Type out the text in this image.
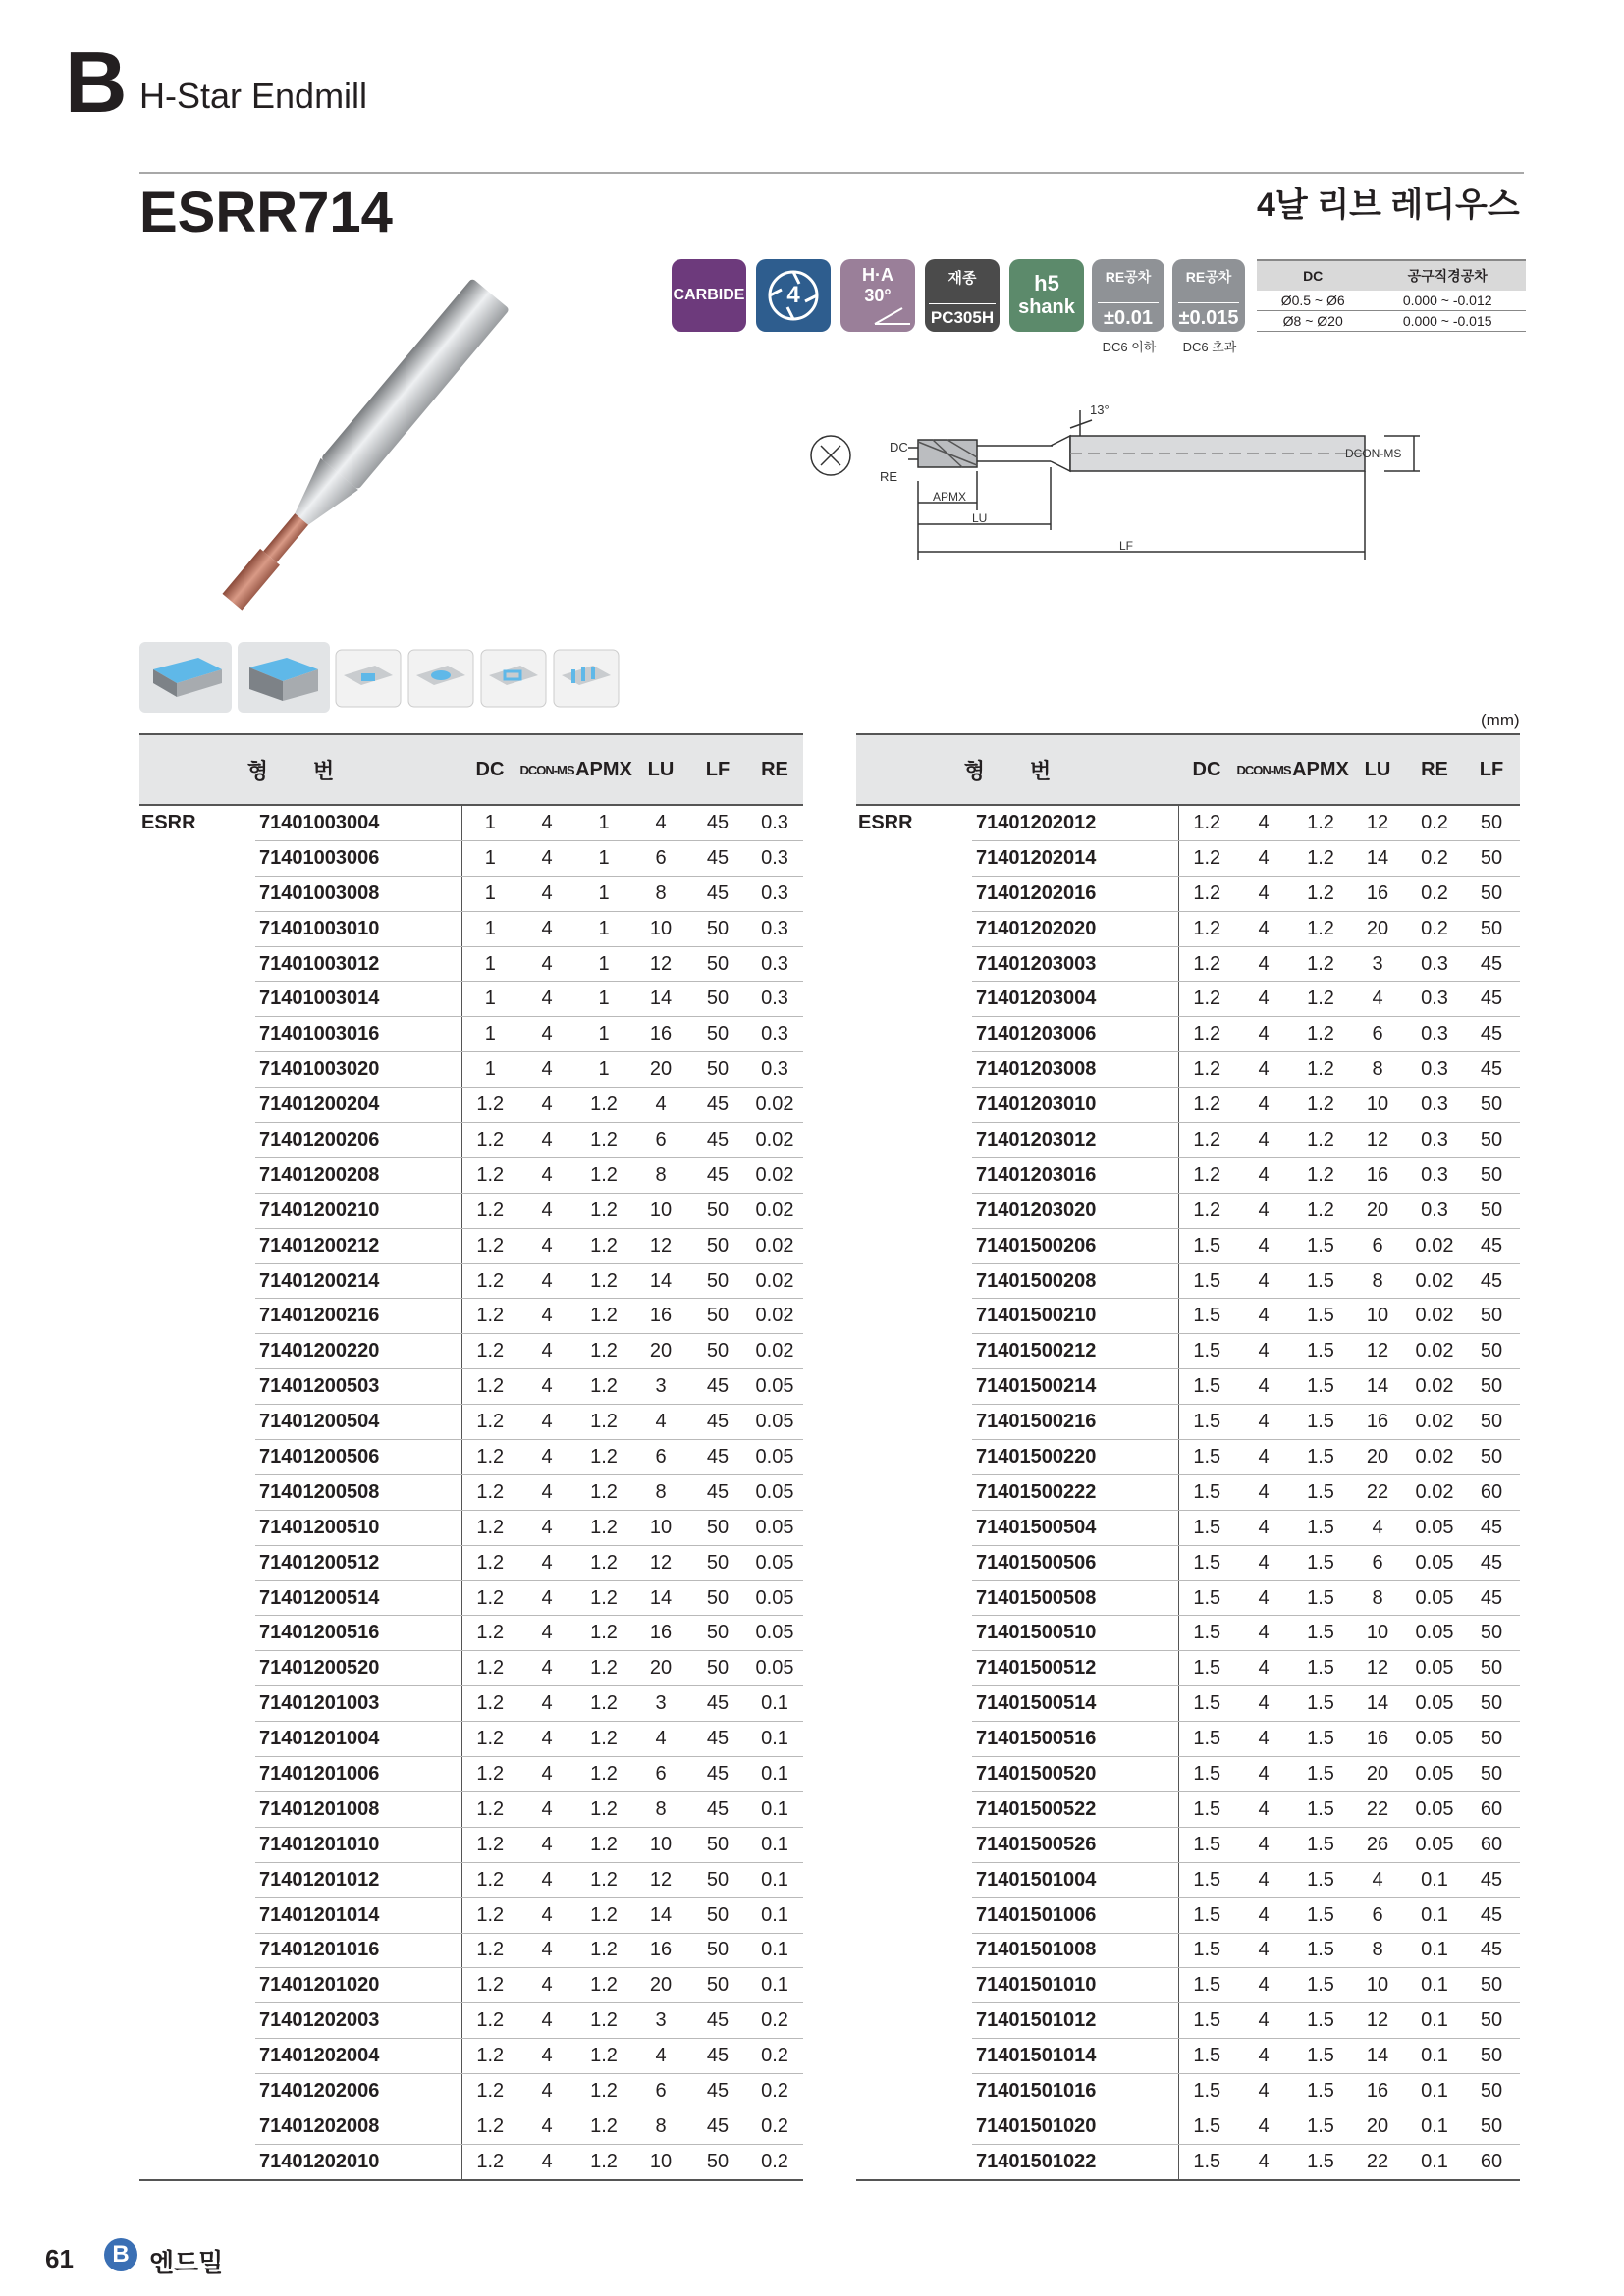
B H-Star Endmill
ESRR714	4날 리브 레디우스
CARBIDE	4
H·A
30°
재종
PC305H
h5
shank
RE공차
±0.01
RE공차
±0.015
DC6 이하	DC6 초과
DC	공구직경공차
Ø0.5 ~ Ø6	0.000 ~ -0.012
Ø8 ~ Ø20	0.000 ~ -0.015
DC
RE
APMX
LU
LF
DCON-MS
13°
(mm)
형 번		DC	DCON-MS	APMX	LU	LF	RE
ESRR	71401003004	1	4	1	4	45	0.3
	71401003006	1	4	1	6	45	0.3
	71401003008	1	4	1	8	45	0.3
	71401003010	1	4	1	10	50	0.3
	71401003012	1	4	1	12	50	0.3
	71401003014	1	4	1	14	50	0.3
	71401003016	1	4	1	16	50	0.3
	71401003020	1	4	1	20	50	0.3
	71401200204	1.2	4	1.2	4	45	0.02
	71401200206	1.2	4	1.2	6	45	0.02
	71401200208	1.2	4	1.2	8	45	0.02
	71401200210	1.2	4	1.2	10	50	0.02
	71401200212	1.2	4	1.2	12	50	0.02
	71401200214	1.2	4	1.2	14	50	0.02
	71401200216	1.2	4	1.2	16	50	0.02
	71401200220	1.2	4	1.2	20	50	0.02
	71401200503	1.2	4	1.2	3	45	0.05
	71401200504	1.2	4	1.2	4	45	0.05
	71401200506	1.2	4	1.2	6	45	0.05
	71401200508	1.2	4	1.2	8	45	0.05
	71401200510	1.2	4	1.2	10	50	0.05
	71401200512	1.2	4	1.2	12	50	0.05
	71401200514	1.2	4	1.2	14	50	0.05
	71401200516	1.2	4	1.2	16	50	0.05
	71401200520	1.2	4	1.2	20	50	0.05
	71401201003	1.2	4	1.2	3	45	0.1
	71401201004	1.2	4	1.2	4	45	0.1
	71401201006	1.2	4	1.2	6	45	0.1
	71401201008	1.2	4	1.2	8	45	0.1
	71401201010	1.2	4	1.2	10	50	0.1
	71401201012	1.2	4	1.2	12	50	0.1
	71401201014	1.2	4	1.2	14	50	0.1
	71401201016	1.2	4	1.2	16	50	0.1
	71401201020	1.2	4	1.2	20	50	0.1
	71401202003	1.2	4	1.2	3	45	0.2
	71401202004	1.2	4	1.2	4	45	0.2
	71401202006	1.2	4	1.2	6	45	0.2
	71401202008	1.2	4	1.2	8	45	0.2
	71401202010	1.2	4	1.2	10	50	0.2
형 번		DC	DCON-MS	APMX	LU	RE	LF
ESRR	71401202012	1.2	4	1.2	12	0.2	50
	71401202014	1.2	4	1.2	14	0.2	50
	71401202016	1.2	4	1.2	16	0.2	50
	71401202020	1.2	4	1.2	20	0.2	50
	71401203003	1.2	4	1.2	3	0.3	45
	71401203004	1.2	4	1.2	4	0.3	45
	71401203006	1.2	4	1.2	6	0.3	45
	71401203008	1.2	4	1.2	8	0.3	45
	71401203010	1.2	4	1.2	10	0.3	50
	71401203012	1.2	4	1.2	12	0.3	50
	71401203016	1.2	4	1.2	16	0.3	50
	71401203020	1.2	4	1.2	20	0.3	50
	71401500206	1.5	4	1.5	6	0.02	45
	71401500208	1.5	4	1.5	8	0.02	45
	71401500210	1.5	4	1.5	10	0.02	50
	71401500212	1.5	4	1.5	12	0.02	50
	71401500214	1.5	4	1.5	14	0.02	50
	71401500216	1.5	4	1.5	16	0.02	50
	71401500220	1.5	4	1.5	20	0.02	50
	71401500222	1.5	4	1.5	22	0.02	60
	71401500504	1.5	4	1.5	4	0.05	45
	71401500506	1.5	4	1.5	6	0.05	45
	71401500508	1.5	4	1.5	8	0.05	45
	71401500510	1.5	4	1.5	10	0.05	50
	71401500512	1.5	4	1.5	12	0.05	50
	71401500514	1.5	4	1.5	14	0.05	50
	71401500516	1.5	4	1.5	16	0.05	50
	71401500520	1.5	4	1.5	20	0.05	50
	71401500522	1.5	4	1.5	22	0.05	60
	71401500526	1.5	4	1.5	26	0.05	60
	71401501004	1.5	4	1.5	4	0.1	45
	71401501006	1.5	4	1.5	6	0.1	45
	71401501008	1.5	4	1.5	8	0.1	45
	71401501010	1.5	4	1.5	10	0.1	50
	71401501012	1.5	4	1.5	12	0.1	50
	71401501014	1.5	4	1.5	14	0.1	50
	71401501016	1.5	4	1.5	16	0.1	50
	71401501020	1.5	4	1.5	20	0.1	50
	71401501022	1.5	4	1.5	22	0.1	60
61	B 엔드밀
